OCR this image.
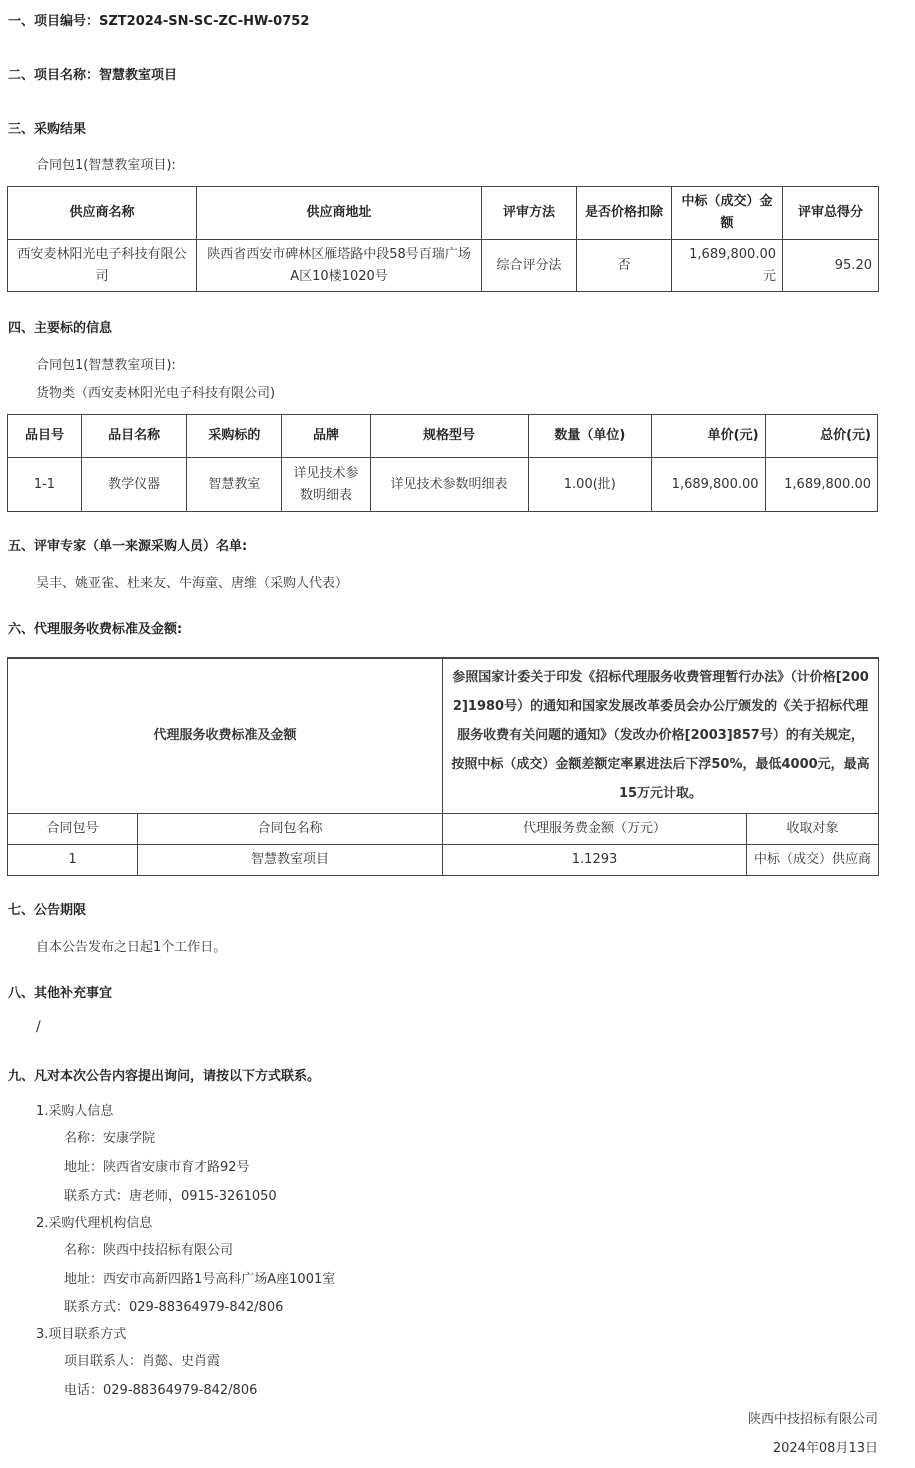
一、项目编号：SZT2024-SN-SC-ZC-HW-0752
二、项目名称：智慧教室项目
三、采购结果
合同包1(智慧教室项目):
供应商名称	供应商地址	评审方法	是否价格扣除	中标（成交）金额	评审总得分
西安麦林阳光电子科技有限公司	陕西省西安市碑林区雁塔路中段58号百瑞广场A区10楼1020号	综合评分法	否	1,689,800.00元	95.20
四、主要标的信息
合同包1(智慧教室项目):
货物类（西安麦林阳光电子科技有限公司)
品目号	品目名称	采购标的	品牌	规格型号	数量（单位)	单价(元)	总价(元)
1-1	教学仪器	智慧教室	详见技术参数明细表	详见技术参数明细表	1.00(批)	1,689,800.00	1,689,800.00
五、评审专家（单一来源采购人员）名单:
吴丰、姚亚雀、杜来友、牛海童、唐维（采购人代表）
六、代理服务收费标准及金额:
代理服务收费标准及金额		参照国家计委关于印发《招标代理服务收费管理暂行办法》（计价格[2002]1980号）的通知和国家发展改革委员会办公厅颁发的《关于招标代理服务收费有关问题的通知》（发改办价格[2003]857号）的有关规定，按照中标（成交）金额差额定率累进法后下浮50%，最低4000元，最高15万元计取。	
合同包号	合同包名称	代理服务费金额（万元）	收取对象
1	智慧教室项目	1.1293	中标（成交）供应商
七、公告期限
自本公告发布之日起1个工作日。
八、其他补充事宜
/
九、凡对本次公告内容提出询问，请按以下方式联系。
1.采购人信息
名称：安康学院
地址：陕西省安康市育才路92号
联系方式：唐老师，0915-3261050
2.采购代理机构信息
名称：陕西中技招标有限公司
地址：西安市高新四路1号高科广场A座1001室
联系方式：029-88364979-842/806
3.项目联系方式
项目联系人：肖懿、史肖霞
电话：029-88364979-842/806
陕西中技招标有限公司
2024年08月13日
